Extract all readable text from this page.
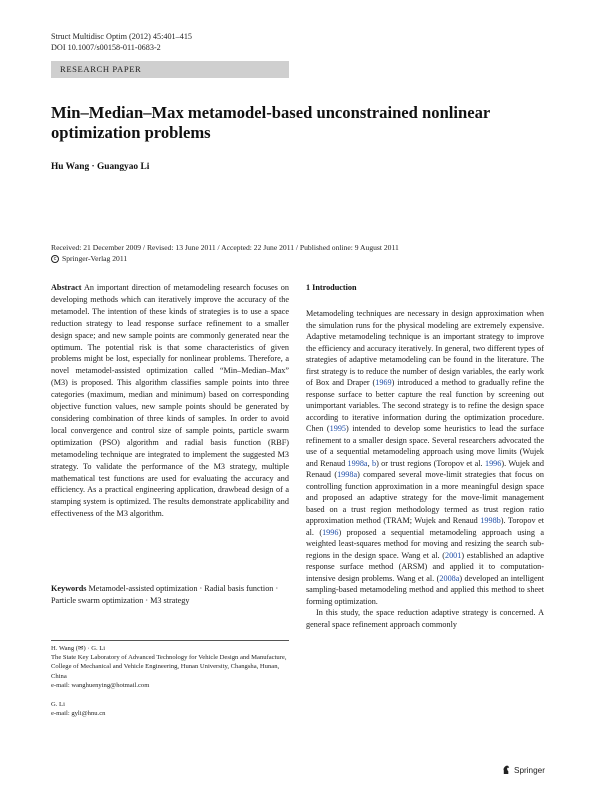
Struct Multidisc Optim (2012) 45:401–415
DOI 10.1007/s00158-011-0683-2
RESEARCH PAPER
Min–Median–Max metamodel-based unconstrained nonlinear optimization problems
Hu Wang · Guangyao Li
Received: 21 December 2009 / Revised: 13 June 2011 / Accepted: 22 June 2011 / Published online: 9 August 2011
c Springer-Verlag 2011
Abstract An important direction of metamodeling research focuses on developing methods which can iteratively improve the accuracy of the metamodel. The intention of these kinds of strategies is to use a space reduction strategy to lead response surface refinement to a smaller design space; and new sample points are commonly generated near the optimum. The potential risk is that some characteristics of given problems might be lost, especially for nonlinear problems. Therefore, a novel metamodel-assisted optimization called “Min–Median–Max” (M3) is proposed. This algorithm classifies sample points into three categories (maximum, median and minimum) based on corresponding objective function values, new sample points should be generated by considering combination of three kinds of samples. In order to avoid local convergence and control size of sample points, particle swarm optimization (PSO) algorithm and radial basis function (RBF) metamodeling technique are integrated to implement the suggested M3 strategy. To validate the performance of the M3 strategy, multiple mathematical test functions are used for evaluating the accuracy and efficiency. As a practical engineering application, drawbead design of a stamping system is optimized. The results demonstrate applicability and effectiveness of the M3 algorithm.
Keywords Metamodel-assisted optimization · Radial basis function · Particle swarm optimization · M3 strategy
H. Wang (✉) · G. Li
The State Key Laboratory of Advanced Technology for Vehicle Design and Manufacture, College of Mechanical and Vehicle Engineering, Hunan University, Changsha, Hunan, China
e-mail: wanghuenying@hotmail.com
G. Li
e-mail: gyli@hnu.cn
1 Introduction

Metamodeling techniques are necessary in design approximation when the simulation runs for the physical modeling are extremely expensive. Adaptive metamodeling technique is an important strategy to improve the efficiency and accuracy iteratively. In general, two different types of strategies of adaptive metamodeling can be found in the literature. The first strategy is to reduce the number of design variables, the early work of Box and Draper (1969) introduced a method to gradually refine the response surface to better capture the real function by screening out unimportant variables. The second strategy is to refine the design space according to iterative information during the optimization procedure. Chen (1995) intended to develop some heuristics to lead the surface refinement to a smaller design space. Several researchers advocated the use of a sequential metamodeling approach using move limits (Wujek and Renaud 1998a, b) or trust regions (Toropov et al. 1996). Wujek and Renaud (1998a) compared several move-limit strategies that focus on controlling function approximation in a more meaningful design space and proposed an adaptive strategy for the move-limit management based on a trust region methodology termed as trust region ratio approximation method (TRAM; Wujek and Renaud 1998b). Toropov et al. (1996) proposed a sequential metamodeling approach using a weighted least-squares method for moving and resizing the search sub-regions in the design space. Wang et al. (2001) established an adaptive response surface method (ARSM) and applied it to computation-intensive design problems. Wang et al. (2008a) developed an intelligent sampling-based metamodeling method and applied this method to sheet forming optimization.

In this study, the space reduction adaptive strategy is concerned. A general space refinement approach commonly

Springer
